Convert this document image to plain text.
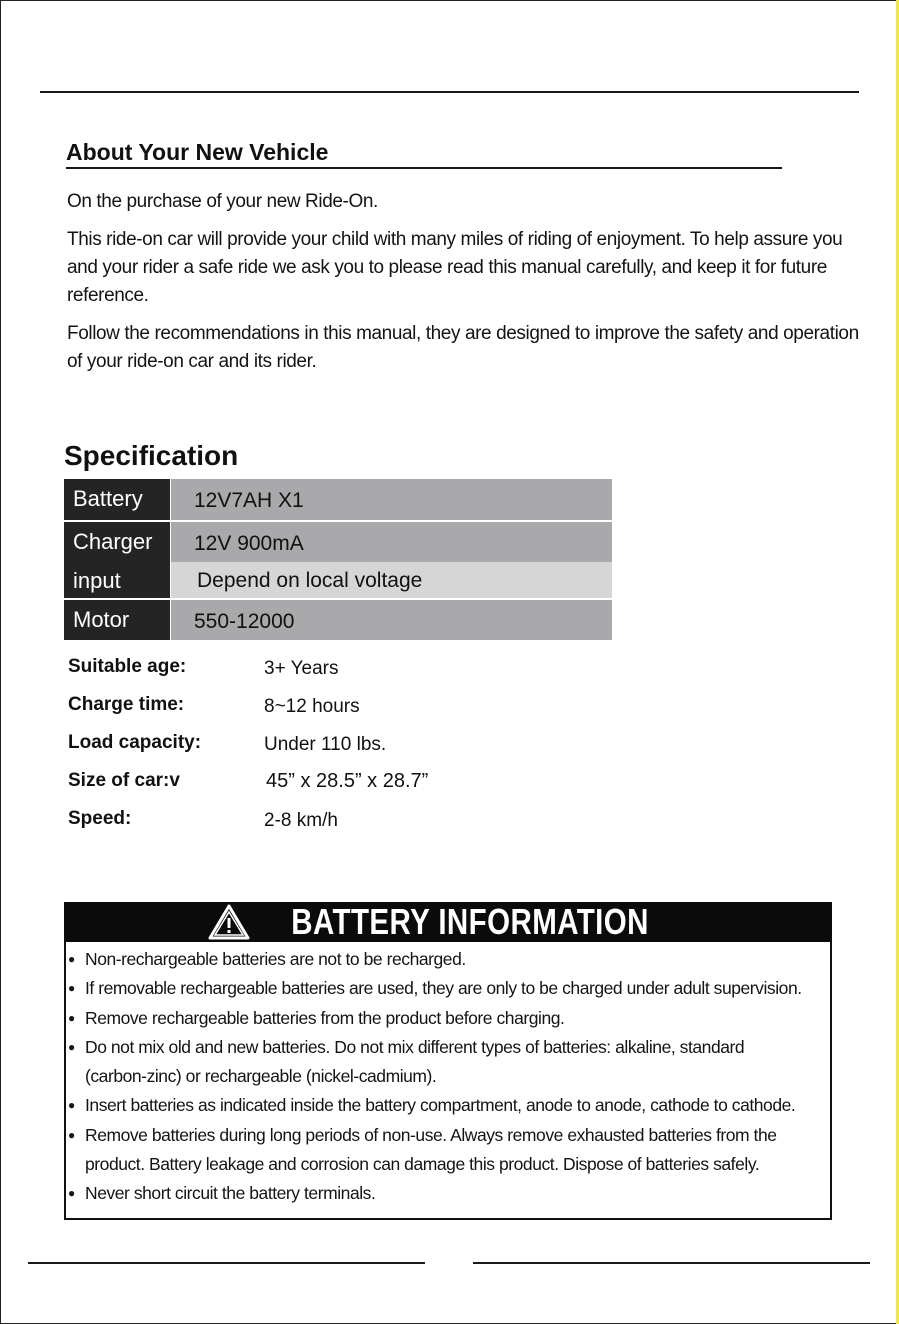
About Your New Vehicle

On the purchase of your new Ride-On.

This ride-on car will provide your child with many miles of riding of enjoyment. To help assure you and your rider a safe ride we ask you to please read this manual carefully, and keep it for future reference.

Follow the recommendations in this manual, they are designed to improve the safety and operation of your ride-on car and its rider.

Specification
Battery	12V7AH X1
Charger	12V 900mA
input	Depend on local voltage
Motor	550-12000
Suitable age:	3+ Years
Charge time:	8~12 hours
Load capacity:	Under 110 lbs.
Size of car:v	45” x 28.5” x 28.7”
Speed:	2-8 km/h
BATTERY INFORMATION
● Non-rechargeable batteries are not to be recharged.
● If removable rechargeable batteries are used, they are only to be charged under adult supervision.
● Remove rechargeable batteries from the product before charging.
● Do not mix old and new batteries. Do not mix different types of batteries: alkaline, standard (carbon-zinc) or rechargeable (nickel-cadmium).
● Insert batteries as indicated inside the battery compartment, anode to anode, cathode to cathode.
● Remove batteries during long periods of non-use. Always remove exhausted batteries from the product. Battery leakage and corrosion can damage this product. Dispose of batteries safely.
● Never short circuit the battery terminals.
